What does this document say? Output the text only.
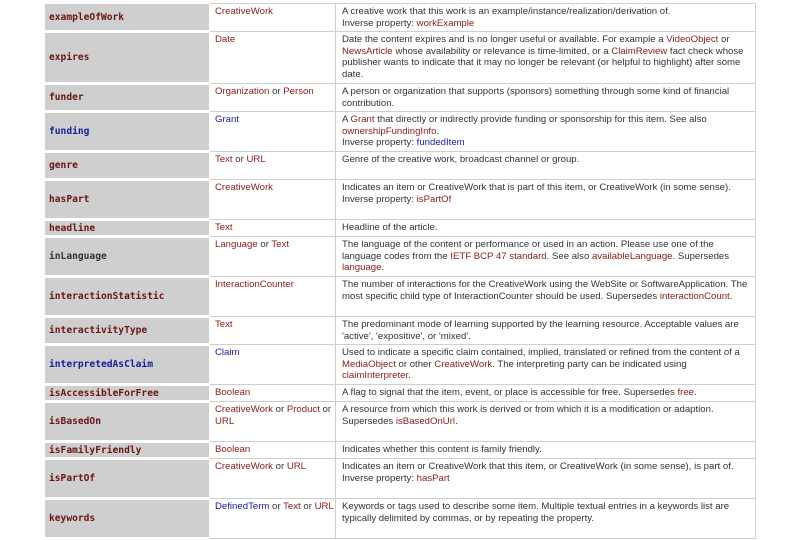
exampleOfWork	CreativeWork	A creative work that this work is an example/instance/realization/derivation of.
Inverse property: workExample

expires	Date	Date the content expires and is no longer useful or available. For example a VideoObject or NewsArticle whose availability or relevance is time-limited, or a ClaimReview fact check whose publisher wants to indicate that it may no longer be relevant (or helpful to highlight) after some date.

funder	Organization or Person	A person or organization that supports (sponsors) something through some kind of financial contribution.

funding	Grant	A Grant that directly or indirectly provide funding or sponsorship for this item. See also ownershipFundingInfo.
Inverse property: fundedItem

genre	Text or URL	Genre of the creative work, broadcast channel or group.

hasPart	CreativeWork	Indicates an item or CreativeWork that is part of this item, or CreativeWork (in some sense).
Inverse property: isPartOf

headline	Text	Headline of the article.

inLanguage	Language or Text	The language of the content or performance or used in an action. Please use one of the language codes from the IETF BCP 47 standard. See also availableLanguage. Supersedes language.

interactionStatistic	InteractionCounter	The number of interactions for the CreativeWork using the WebSite or SoftwareApplication. The most specific child type of InteractionCounter should be used. Supersedes interactionCount.

interactivityType	Text	The predominant mode of learning supported by the learning resource. Acceptable values are 'active', 'expositive', or 'mixed'.

interpretedAsClaim	Claim	Used to indicate a specific claim contained, implied, translated or refined from the content of a MediaObject or other CreativeWork. The interpreting party can be indicated using claimInterpreter.

isAccessibleForFree	Boolean	A flag to signal that the item, event, or place is accessible for free. Supersedes free.

isBasedOn	CreativeWork or Product or URL	A resource from which this work is derived or from which it is a modification or adaption. Supersedes isBasedOnUrl.

isFamilyFriendly	Boolean	Indicates whether this content is family friendly.

isPartOf	CreativeWork or URL	Indicates an item or CreativeWork that this item, or CreativeWork (in some sense), is part of.
Inverse property: hasPart

keywords	DefinedTerm or Text or URL	Keywords or tags used to describe some item. Multiple textual entries in a keywords list are typically delimited by commas, or by repeating the property.
